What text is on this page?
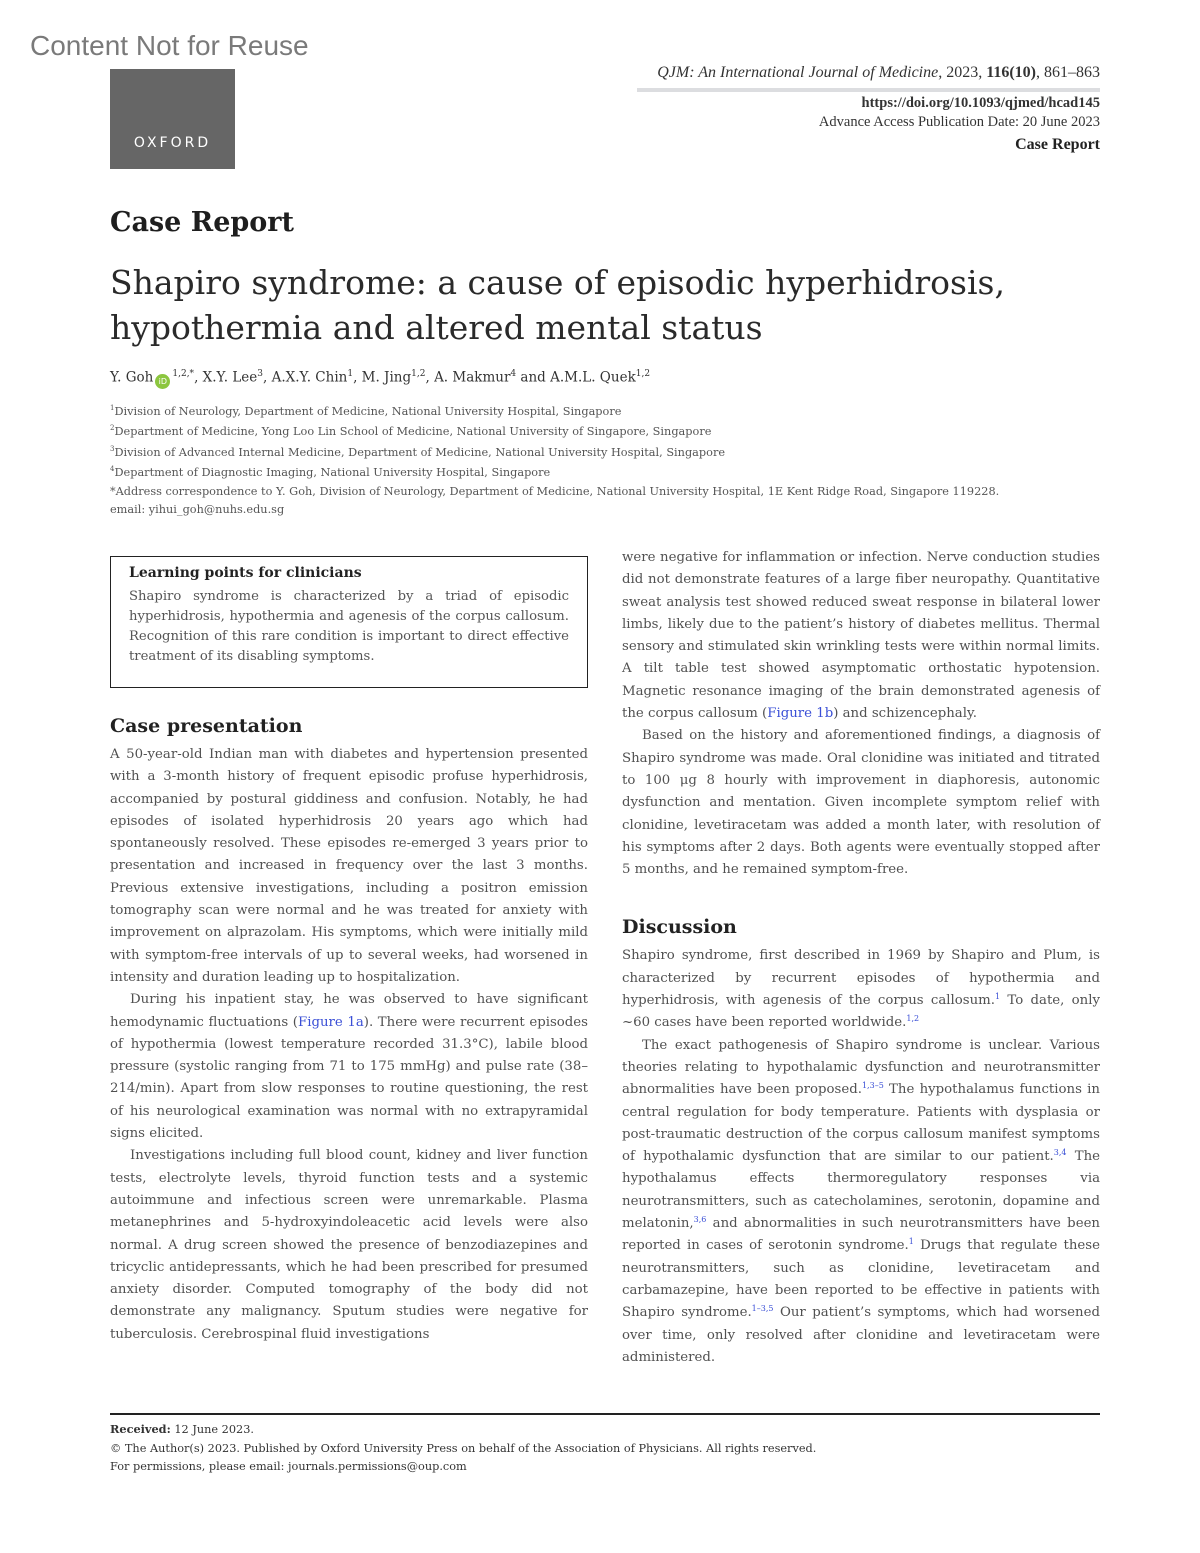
Content Not for Reuse
OXFORD
QJM: An International Journal of Medicine, 2023, 116(10), 861–863
https://doi.org/10.1093/qjmed/hcad145
Advance Access Publication Date: 20 June 2023
Case Report
Case Report
Shapiro syndrome: a cause of episodic hyperhidrosis, hypothermia and altered mental status
Y. Goh $iD^{1,2,*}$, X.Y. Lee$^3$, A.X.Y. Chin$^1$, M. Jing$^{1,2}$, A. Makmur$^4$ and A.M.L. Quek$^{1,2}$
$^1$Division of Neurology, Department of Medicine, National University Hospital, Singapore
$^2$Department of Medicine, Yong Loo Lin School of Medicine, National University of Singapore, Singapore
$^3$Division of Advanced Internal Medicine, Department of Medicine, National University Hospital, Singapore
$^4$Department of Diagnostic Imaging, National University Hospital, Singapore
*Address correspondence to Y. Goh, Division of Neurology, Department of Medicine, National University Hospital, 1E Kent Ridge Road, Singapore 119228.
email: yihui_goh@nuhs.edu.sg
Learning points for clinicians

Shapiro syndrome is characterized by a triad of episodic hyperhidrosis, hypothermia and agenesis of the corpus callosum. Recognition of this rare condition is important to direct effective treatment of its disabling symptoms.

Case presentation

A 50-year-old Indian man with diabetes and hypertension presented with a 3-month history of frequent episodic profuse hyperhidrosis, accompanied by postural giddiness and confusion. Notably, he had episodes of isolated hyperhidrosis 20 years ago which had spontaneously resolved. These episodes re-emerged 3 years prior to presentation and increased in frequency over the last 3 months. Previous extensive investigations, including a positron emission tomography scan were normal and he was treated for anxiety with improvement on alprazolam. His symptoms, which were initially mild with symptom-free intervals of up to several weeks, had worsened in intensity and duration leading up to hospitalization.

During his inpatient stay, he was observed to have significant hemodynamic fluctuations (Figure 1a). There were recurrent episodes of hypothermia (lowest temperature recorded 31.3°C), labile blood pressure (systolic ranging from 71 to 175 mmHg) and pulse rate (38–214/min). Apart from slow responses to routine questioning, the rest of his neurological examination was normal with no extrapyramidal signs elicited.

Investigations including full blood count, kidney and liver function tests, electrolyte levels, thyroid function tests and a systemic autoimmune and infectious screen were unremarkable. Plasma metanephrines and 5-hydroxyindoleacetic acid levels were also normal. A drug screen showed the presence of benzodiazepines and tricyclic antidepressants, which he had been prescribed for presumed anxiety disorder. Computed tomography of the body did not demonstrate any malignancy. Sputum studies were negative for tuberculosis. Cerebrospinal fluid investigations

were negative for inflammation or infection. Nerve conduction studies did not demonstrate features of a large fiber neuropathy. Quantitative sweat analysis test showed reduced sweat response in bilateral lower limbs, likely due to the patient’s history of diabetes mellitus. Thermal sensory and stimulated skin wrinkling tests were within normal limits. A tilt table test showed asymptomatic orthostatic hypotension. Magnetic resonance imaging of the brain demonstrated agenesis of the corpus callosum (Figure 1b) and schizencephaly.

Based on the history and aforementioned findings, a diagnosis of Shapiro syndrome was made. Oral clonidine was initiated and titrated to 100 μg 8 hourly with improvement in diaphoresis, autonomic dysfunction and mentation. Given incomplete symptom relief with clonidine, levetiracetam was added a month later, with resolution of his symptoms after 2 days. Both agents were eventually stopped after 5 months, and he remained symptom-free.

Discussion

Shapiro syndrome, first described in 1969 by Shapiro and Plum, is characterized by recurrent episodes of hypothermia and hyperhidrosis, with agenesis of the corpus callosum.$^1$ To date, only ~60 cases have been reported worldwide.$^{1,2}$

The exact pathogenesis of Shapiro syndrome is unclear. Various theories relating to hypothalamic dysfunction and neurotransmitter abnormalities have been proposed.$^{1,3-5}$ The hypothalamus functions in central regulation for body temperature. Patients with dysplasia or post-traumatic destruction of the corpus callosum manifest symptoms of hypothalamic dysfunction that are similar to our patient.$^{3,4}$ The hypothalamus effects thermoregulatory responses via neurotransmitters, such as catecholamines, serotonin, dopamine and melatonin,$^{3,6}$ and abnormalities in such neurotransmitters have been reported in cases of serotonin syndrome.$^1$ Drugs that regulate these neurotransmitters, such as clonidine, levetiracetam and carbamazepine, have been reported to be effective in patients with Shapiro syndrome.$^{1-3,5}$ Our patient’s symptoms, which had worsened over time, only resolved after clonidine and levetiracetam were administered.

Received: 12 June 2023.
© The Author(s) 2023. Published by Oxford University Press on behalf of the Association of Physicians. All rights reserved.
For permissions, please email: journals.permissions@oup.com
